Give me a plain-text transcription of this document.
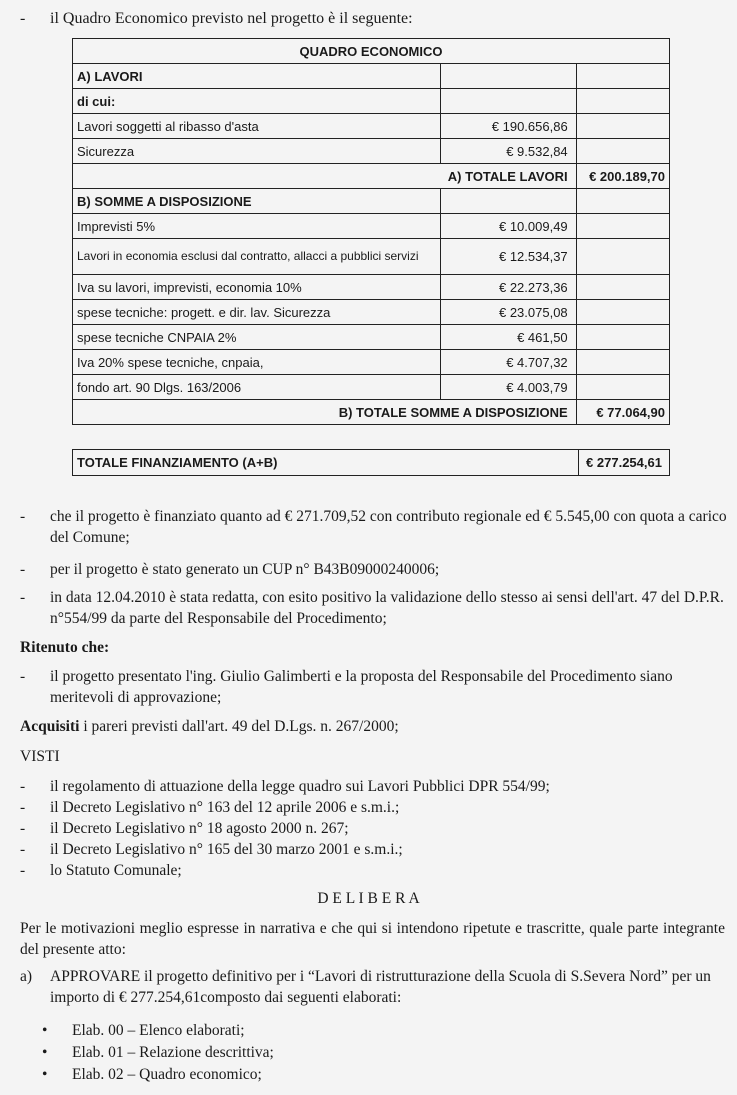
- il Quadro Economico previsto nel progetto è il seguente:
QUADRO ECONOMICO		
A) LAVORI		
di cui:		
Lavori soggetti al ribasso d'asta	€ 190.656,86	
Sicurezza	€ 9.532,84	
A) TOTALE LAVORI		€ 200.189,70
B) SOMME A DISPOSIZIONE		
Imprevisti 5%	€ 10.009,49	
Lavori in economia esclusi dal contratto, allacci a pubblici servizi	€ 12.534,37	
Iva su lavori, imprevisti, economia 10%	€ 22.273,36	
spese tecniche: progett. e dir. lav. Sicurezza	€ 23.075,08	
spese tecniche CNPAIA 2%	€ 461,50	
Iva 20% spese tecniche, cnpaia,	€ 4.707,32	
fondo art. 90 Dlgs. 163/2006	€ 4.003,79	
B) TOTALE SOMME A DISPOSIZIONE		€ 77.064,90
TOTALE FINANZIAMENTO (A+B)	€ 277.254,61
- che il progetto è finanziato quanto ad € 271.709,52 con contributo regionale ed € 5.545,00 con quota a carico del Comune;
- per il progetto è stato generato un CUP n° B43B09000240006;
- in data 12.04.2010 è stata redatta, con esito positivo la validazione dello stesso ai sensi dell'art. 47 del D.P.R. n°554/99 da parte del Responsabile del Procedimento;
Ritenuto che:
- il progetto presentato l'ing. Giulio Galimberti e la proposta del Responsabile del Procedimento siano meritevoli di approvazione;
Acquisiti i pareri previsti dall'art. 49 del D.Lgs. n. 267/2000;
VISTI
- il regolamento di attuazione della legge quadro sui Lavori Pubblici DPR 554/99;
- il Decreto Legislativo n° 163 del 12 aprile 2006 e s.m.i.;
- il Decreto Legislativo n° 18 agosto 2000 n. 267;
- il Decreto Legislativo n° 165 del 30 marzo 2001 e s.m.i.;
- lo Statuto Comunale;
D E L I B E R A
Per le motivazioni meglio espresse in narrativa e che qui si intendono ripetute e trascritte, quale parte integrante del presente atto:
a) APPROVARE il progetto definitivo per i “Lavori di ristrutturazione della Scuola di S.Severa Nord” per un importo di € 277.254,61composto dai seguenti elaborati:
• Elab. 00 – Elenco elaborati;
• Elab. 01 – Relazione descrittiva;
• Elab. 02 – Quadro economico;
